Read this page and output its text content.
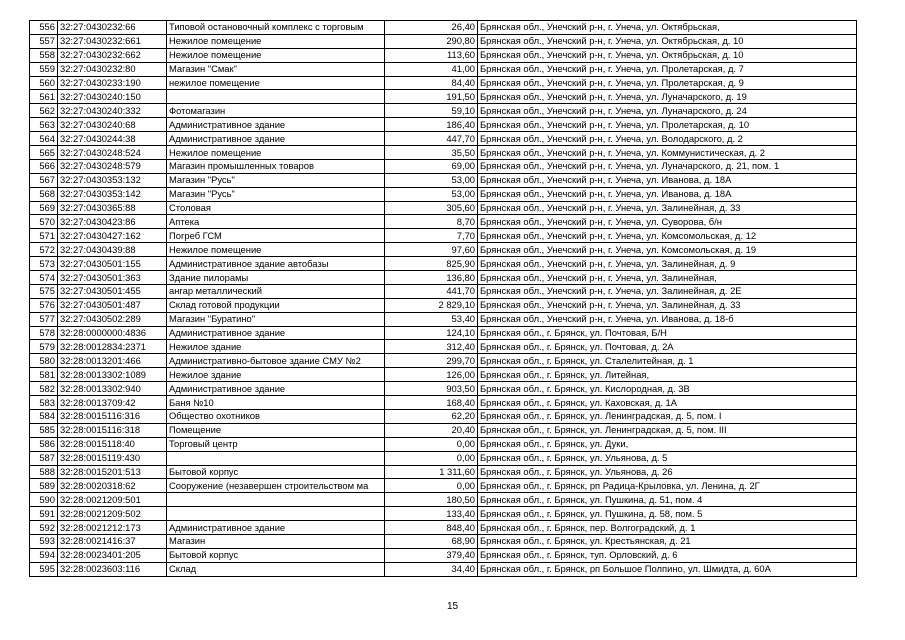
556	32:27:0430232:66	Типовой остановочный комплекс с торговым	26,40	Брянская обл., Унечский р-н, г. Унеча, ул. Октябрьская,
557	32:27:0430232:661	Нежилое помещение	290,80	Брянская обл., Унечский р-н, г. Унеча, ул. Октябрьская, д. 10
558	32:27:0430232:662	Нежилое помещение	113,60	Брянская обл., Унечский р-н, г. Унеча, ул. Октябрьская, д. 10
559	32:27:0430232:80	Магазин "Смак"	41,00	Брянская обл., Унечский р-н, г. Унеча, ул. Пролетарская, д. 7
560	32:27:0430233:190	нежилое помещение	84,40	Брянская обл., Унечский р-н, г. Унеча, ул. Пролетарская, д. 9
561	32:27:0430240:150		191,50	Брянская обл., Унечский р-н, г. Унеча, ул. Луначарского, д. 19
562	32:27:0430240:332	Фотомагазин	59,10	Брянская обл., Унечский р-н, г. Унеча, ул. Луначарского, д. 24
563	32:27:0430240:68	Административное здание	186,40	Брянская обл., Унечский р-н, г. Унеча, ул. Пролетарская, д. 10
564	32:27:0430244:38	Административное здание	447,70	Брянская обл., Унечский р-н, г. Унеча, ул. Володарского, д. 2
565	32:27:0430248:524	Нежилое помещение	35,50	Брянская обл., Унечский р-н, г. Унеча, ул. Коммунистическая, д. 2
566	32:27:0430248:579	Магазин промышленных товаров	69,00	Брянская обл., Унечский р-н, г. Унеча, ул. Луначарского, д. 21, пом. 1
567	32:27:0430353:132	Магазин "Русь"	53,00	Брянская обл., Унечский р-н, г. Унеча, ул. Иванова, д. 18А
568	32:27:0430353:142	Магазин "Русь"	53,00	Брянская обл., Унечский р-н, г. Унеча, ул. Иванова, д. 18А
569	32:27:0430365:88	Столовая	305,60	Брянская обл., Унечский р-н, г. Унеча, ул. Залинейная, д. 33
570	32:27:0430423:86	Аптека	8,70	Брянская обл., Унечский р-н, г. Унеча, ул. Суворова, б/н
571	32:27:0430427:162	Погреб ГСМ	7,70	Брянская обл., Унечский р-н, г. Унеча, ул. Комсомольская, д. 12
572	32:27:0430439:88	Нежилое помещение	97,60	Брянская обл., Унечский р-н, г. Унеча, ул. Комсомольская, д. 19
573	32:27:0430501:155	Административное здание автобазы	825,90	Брянская обл., Унечский р-н, г. Унеча, ул. Залинейная, д. 9
574	32:27:0430501:363	Здание пилорамы	136,80	Брянская обл., Унечский р-н, г. Унеча, ул. Залинейная,
575	32:27:0430501:455	ангар металлический	441,70	Брянская обл., Унечский р-н, г. Унеча, ул. Залинейная, д. 2Е
576	32:27:0430501:487	Склад готовой продукции	2 829,10	Брянская обл., Унечский р-н, г. Унеча, ул. Залинейная, д. 33
577	32:27:0430502:289	Магазин "Буратино"	53,40	Брянская обл., Унечский р-н, г. Унеча, ул. Иванова, д. 18-б
578	32:28:0000000:4836	Административное здание	124,10	Брянская обл., г. Брянск, ул. Почтовая, Б/Н
579	32:28:0012834:2371	Нежилое здание	312,40	Брянская обл., г. Брянск, ул. Почтовая, д. 2А
580	32:28:0013201:466	Административно-бытовое здание СМУ №2	299,70	Брянская обл., г. Брянск, ул. Сталелитейная, д. 1
581	32:28:0013302:1089	Нежилое здание	126,00	Брянская обл., г. Брянск, ул. Литейная,
582	32:28:0013302:940	Административное здание	903,50	Брянская обл., г. Брянск, ул. Кислородная, д. 3В
583	32:28:0013709:42	Баня №10	168,40	Брянская обл., г. Брянск, ул. Каховская, д. 1А
584	32:28:0015116:316	Общество охотников	62,20	Брянская обл., г. Брянск, ул. Ленинградская, д. 5, пом. I
585	32:28:0015116:318	Помещение	20,40	Брянская обл., г. Брянск, ул. Ленинградская, д. 5, пом. III
586	32:28:0015118:40	Торговый центр	0,00	Брянская обл., г. Брянск, ул. Дуки,
587	32:28:0015119:430		0,00	Брянская обл., г. Брянск, ул. Ульянова, д. 5
588	32:28:0015201:513	Бытовой корпус	1 311,60	Брянская обл., г. Брянск, ул. Ульянова, д. 26
589	32:28:0020318:62	Сооружение (незавершен строительством ма	0,00	Брянская обл., г. Брянск, рп Радица-Крыловка, ул. Ленина, д. 2Г
590	32:28:0021209:501		180,50	Брянская обл., г. Брянск, ул. Пушкина, д. 51, пом. 4
591	32:28:0021209:502		133,40	Брянская обл., г. Брянск, ул. Пушкина, д. 58, пом. 5
592	32:28:0021212:173	Административное здание	848,40	Брянская обл., г. Брянск, пер. Волгоградский, д. 1
593	32:28:0021416:37	Магазин	68,90	Брянская обл., г. Брянск, ул. Крестьянская, д. 21
594	32:28:0023401:205	Бытовой корпус	379,40	Брянская обл., г. Брянск, туп. Орловский, д. 6
595	32:28:0023603:116	Склад	34,40	Брянская обл., г. Брянск, рп Большое Полпино, ул. Шмидта, д. 60А
15
